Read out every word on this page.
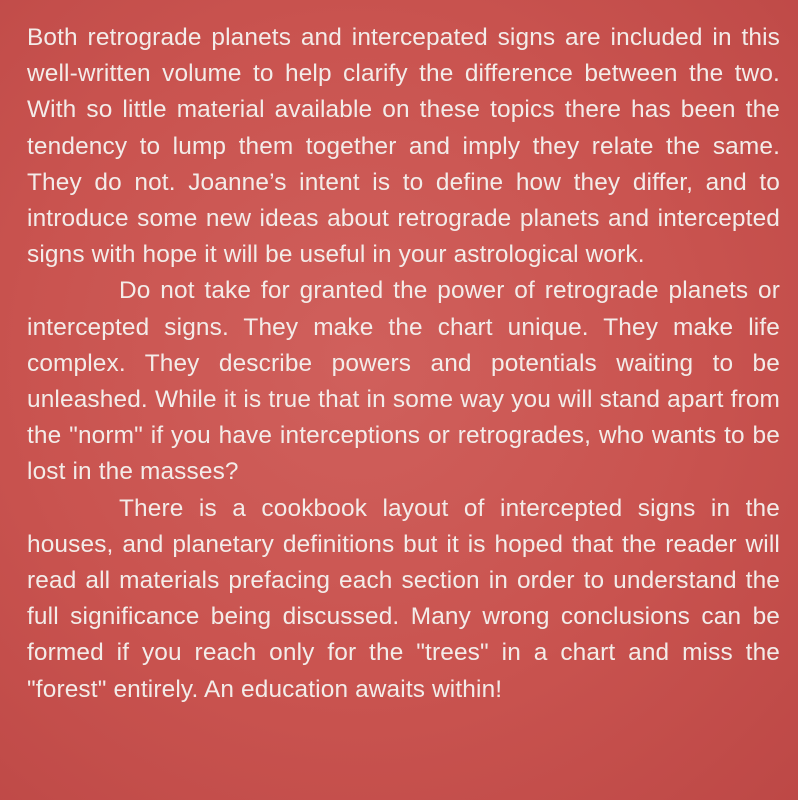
Both retrograde planets and intercepated signs are included in this well-written volume to help clarify the difference between the two. With so little material available on these topics there has been the tendency to lump them together and imply they relate the same. They do not. Joanne’s intent is to define how they differ, and to introduce some new ideas about retrograde planets and intercepted signs with hope it will be useful in your astrological work.

Do not take for granted the power of retrograde planets or intercepted signs. They make the chart unique. They make life complex. They describe powers and potentials waiting to be unleashed. While it is true that in some way you will stand apart from the "norm" if you have interceptions or retrogrades, who wants to be lost in the masses?

There is a cookbook layout of intercepted signs in the houses, and planetary definitions but it is hoped that the reader will read all materials prefacing each section in order to understand the full significance being discussed. Many wrong conclusions can be formed if you reach only for the "trees" in a chart and miss the "forest" entirely. An education awaits within!
